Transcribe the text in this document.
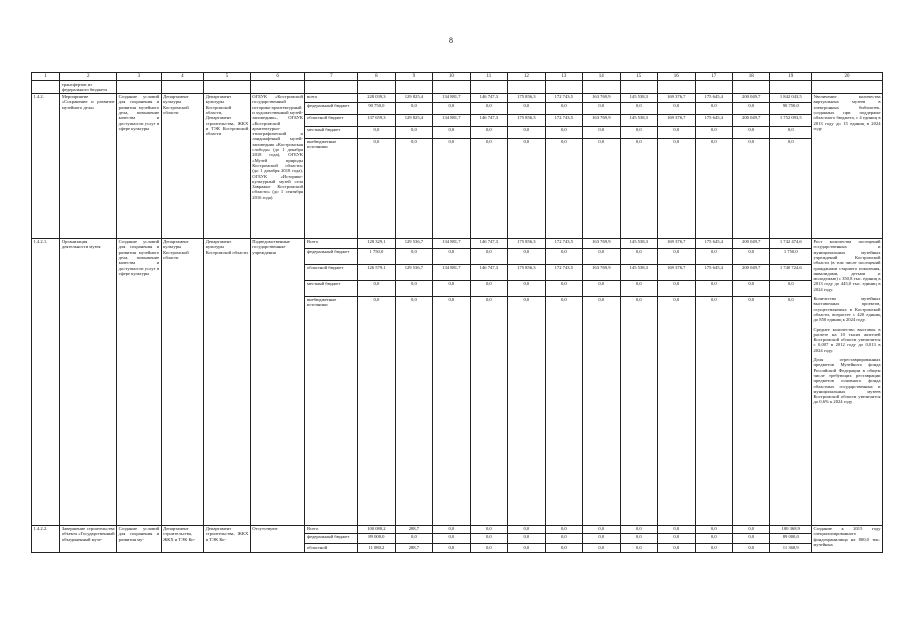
8
1	2	3	4	5	6	7	8	9	10	11	12	13	14	15	16	17	18	19	20
	трансфертов из федерального бюджета																		
1.4.2.	Мероприятие «Сохранение и развитие музейного дела»	Создание условий для сохранения и развития музейного дела, повышение качества и доступности услуг в сфере культуры	Департамент культуры Костромской области	Департамент культуры Костромской области, Департамент строительства, ЖКХ и ТЭК Костромской области	ОГБУК «Костромской государственный историко-архитектурный и художественный музей-заповедник», ОГБУК «Костромской архитектурно-этнографический и ландшафтный музей-заповедник «Костромская слобода» (до 1 декабря 2018 года), ОГБУК «Музей природы Костромской области» (до 1 декабря 2018 года), ОГБУК «Историко-культурный музей села Завражье Костромской области» (до 1 сентября 2016 года)	всего	228 039,3	129 825,4	134 881,7	146 747,3	175 856,3	172 743,5	163 769,9	145 538,3	169 376,7	175 645,4	200 049,7	1 842 043,5	Увеличение количества виртуальных музеев в электронных библиотек, созданных при поддержке областного бюджета, с 4 единиц в 2013 году до 15 единиц в 2024 году

						федеральный бюджет	90 750,0	0,0	0,0	0,0	0,0	0,0	0,0	0,0	0,0	0,0	0,0	90 750,0	
						областной бюджет	137 659,3	129 825,4	134 881,7	146 747,3	175 856,3	172 743,5	163 769,9	145 538,3	169 376,7	175 645,4	200 049,7	1 752 093,5	
						местный бюджет	0,0	0,0	0,0	0,0	0,0	0,0	0,0	0,0	0,0	0,0	0,0	0,0	
						внебюджетные источники	0,0	0,0	0,0	0,0	0,0	0,0	0,0	0,0	0,0	0,0	0,0	0,0	
1.4.2.1.	Организация деятельности музея	Создание условий для сохранения и развития музейного дела, повышение качества и доступности услуг в сфере культуры	Департамент культуры Костромской области	Департамент культуры Костромской области	Подведомственные государственные учреждения	Всего	128 329,1	129 536,7	134 881,7	146 747,3	175 856,3	172 743,5	163 769,9	145 538,3	169 376,7	175 645,4	200 049,7	1 742 474,6	Рост количества посещений государственных и муниципальных музейных учреждений Костромской области (в том числе посещений гражданами старшего поколения, инвалидами, детьми и молодежью) с 350,8 тыс. единиц в 2013 году до 445,0 тыс. единиц в 2024 году.
Количество музейных выставочных проектов, осуществляемых в Костромской области, возрастет с 420 единиц до 850 единиц к 2024 году.
Среднее количество выставок в расчете на 10 тысяч жителей Костромской области увеличится с 0,007 в 2012 году до 0,013 в 2024 году.
Доля отреставрированных предметов Музейного фонда Российской Федерации в общем числе требующих реставрации предметов основного фонда областных государственных и муниципальных музеев Костромской области увеличится до 0,6% к 2024 году

						федеральный бюджет	1 750,0	0,0	0,0	0,0	0,0	0,0	0,0	0,0	0,0	0,0	0,0	1 750,0	
						областной бюджет	126 579,1	129 536,7	134 881,7	146 747,3	175 856,3	172 743,5	163 769,9	145 538,3	169 376,7	175 645,4	200 049,7	1 740 724,6	
						местный бюджет	0,0	0,0	0,0	0,0	0,0	0,0	0,0	0,0	0,0	0,0	0,0	0,0	
						внебюджетные источники	0,0	0,0	0,0	0,0	0,0	0,0	0,0	0,0	0,0	0,0	0,0	0,0	
1.4.2.2.	Завершение строительства объекта «Государственный объединенный музе-	Создание условий для сохранения и развития му-	Департамент строительства, ЖКХ и ТЭК Ко-	Департамент строительства, ЖКХ и ТЭК Ко-	Отсутствуют	Всего	100 080,2	288,7	0,0	0,0	0,0	0,0	0,0	0,0	0,0	0,0	0,0	100 368,9	Создание к 2015 году специализированного фондохранилища на 800,0 тыс. музейных

						федеральный бюджет	89 000,0	0,0	0,0	0,0	0,0	0,0	0,0	0,0	0,0	0,0	0,0	89 000,0	
						областной	11 080,2	288,7	0,0	0,0	0,0	0,0	0,0	0,0	0,0	0,0	0,0	11 368,9	
